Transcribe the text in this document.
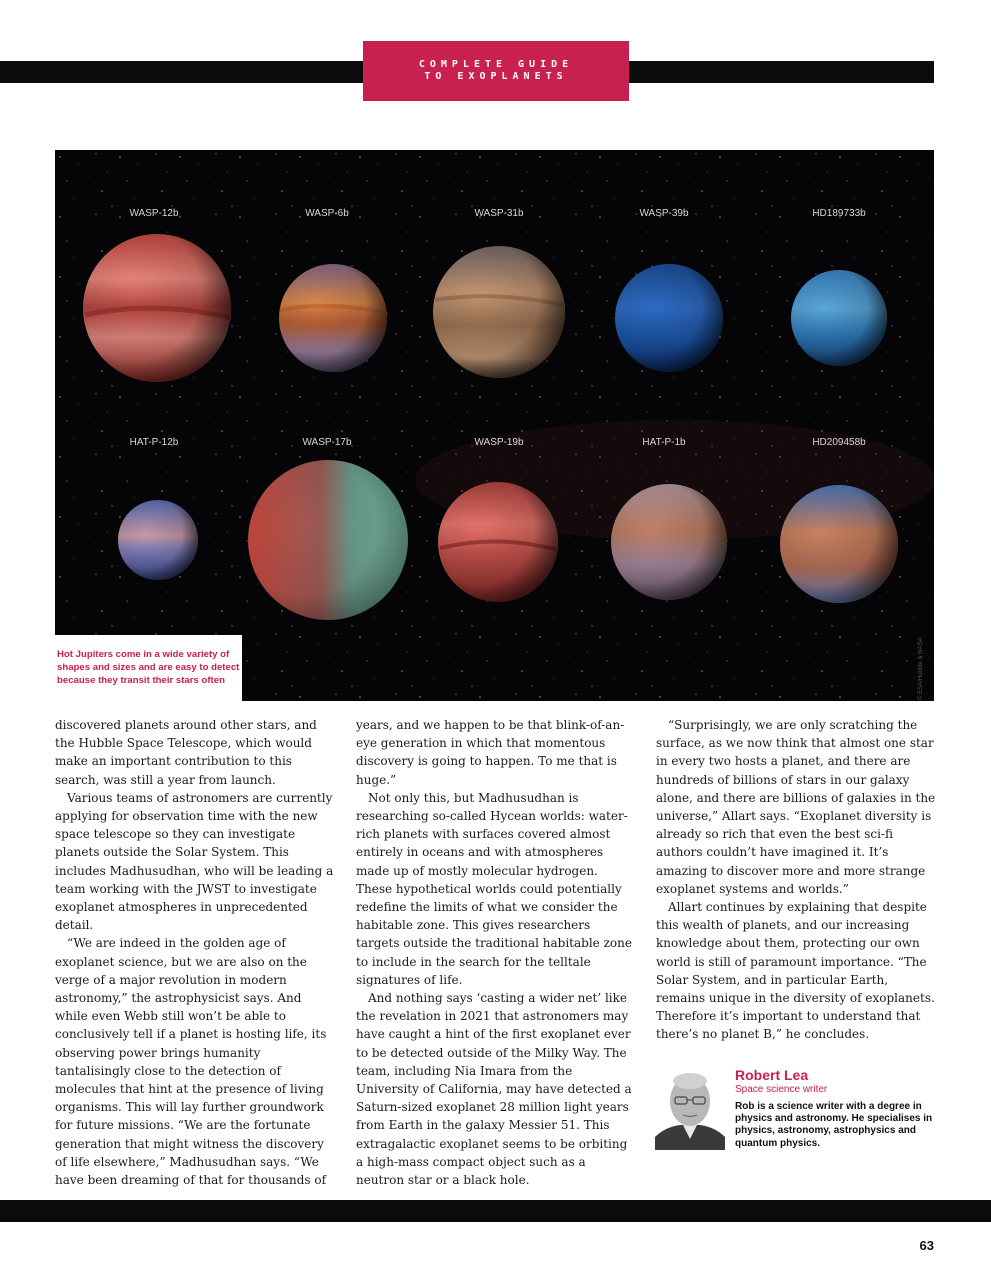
COMPLETE GUIDE
TO EXOPLANETS
WASP-12b	WASP-6b	WASP-31b	WASP-39b	HD189733b
HAT-P-12b	WASP-17b	WASP-19b	HAT-P-1b	HD209458b
Hot Jupiters come in a wide variety of shapes and sizes and are easy to detect because they transit their stars often	© ESA/Hubble & NASA

discovered planets around other stars, and the Hubble Space Telescope, which would make an important contribution to this search, was still a year from launch.

Various teams of astronomers are currently applying for observation time with the new space telescope so they can investigate planets outside the Solar System. This includes Madhusudhan, who will be leading a team working with the JWST to investigate exoplanet atmospheres in unprecedented detail.

“We are indeed in the golden age of exoplanet science, but we are also on the verge of a major revolution in modern astronomy,” the astrophysicist says. And while even Webb still won’t be able to conclusively tell if a planet is hosting life, its observing power brings humanity tantalisingly close to the detection of molecules that hint at the presence of living organisms. This will lay further groundwork for future missions. “We are the fortunate generation that might witness the discovery of life elsewhere,” Madhusudhan says. “We have been dreaming of that for thousands of

years, and we happen to be that blink-of-an-eye generation in which that momentous discovery is going to happen. To me that is huge.”

Not only this, but Madhusudhan is researching so-called Hycean worlds: water-rich planets with surfaces covered almost entirely in oceans and with atmospheres made up of mostly molecular hydrogen. These hypothetical worlds could potentially redefine the limits of what we consider the habitable zone. This gives researchers targets outside the traditional habitable zone to include in the search for the telltale signatures of life.

And nothing says ‘casting a wider net’ like the revelation in 2021 that astronomers may have caught a hint of the first exoplanet ever to be detected outside of the Milky Way. The team, including Nia Imara from the University of California, may have detected a Saturn-sized exoplanet 28 million light years from Earth in the galaxy Messier 51. This extragalactic exoplanet seems to be orbiting a high-mass compact object such as a neutron star or a black hole.

“Surprisingly, we are only scratching the surface, as we now think that almost one star in every two hosts a planet, and there are hundreds of billions of stars in our galaxy alone, and there are billions of galaxies in the universe,” Allart says. “Exoplanet diversity is already so rich that even the best sci-fi authors couldn’t have imagined it. It’s amazing to discover more and more strange exoplanet systems and worlds.”

Allart continues by explaining that despite this wealth of planets, and our increasing knowledge about them, protecting our own world is still of paramount importance. “The Solar System, and in particular Earth, remains unique in the diversity of exoplanets. Therefore it’s important to understand that there’s no planet B,” he concludes.

Robert Lea
Space science writer
Rob is a science writer with a degree in physics and astronomy. He specialises in physics, astronomy, astrophysics and quantum physics.
63
